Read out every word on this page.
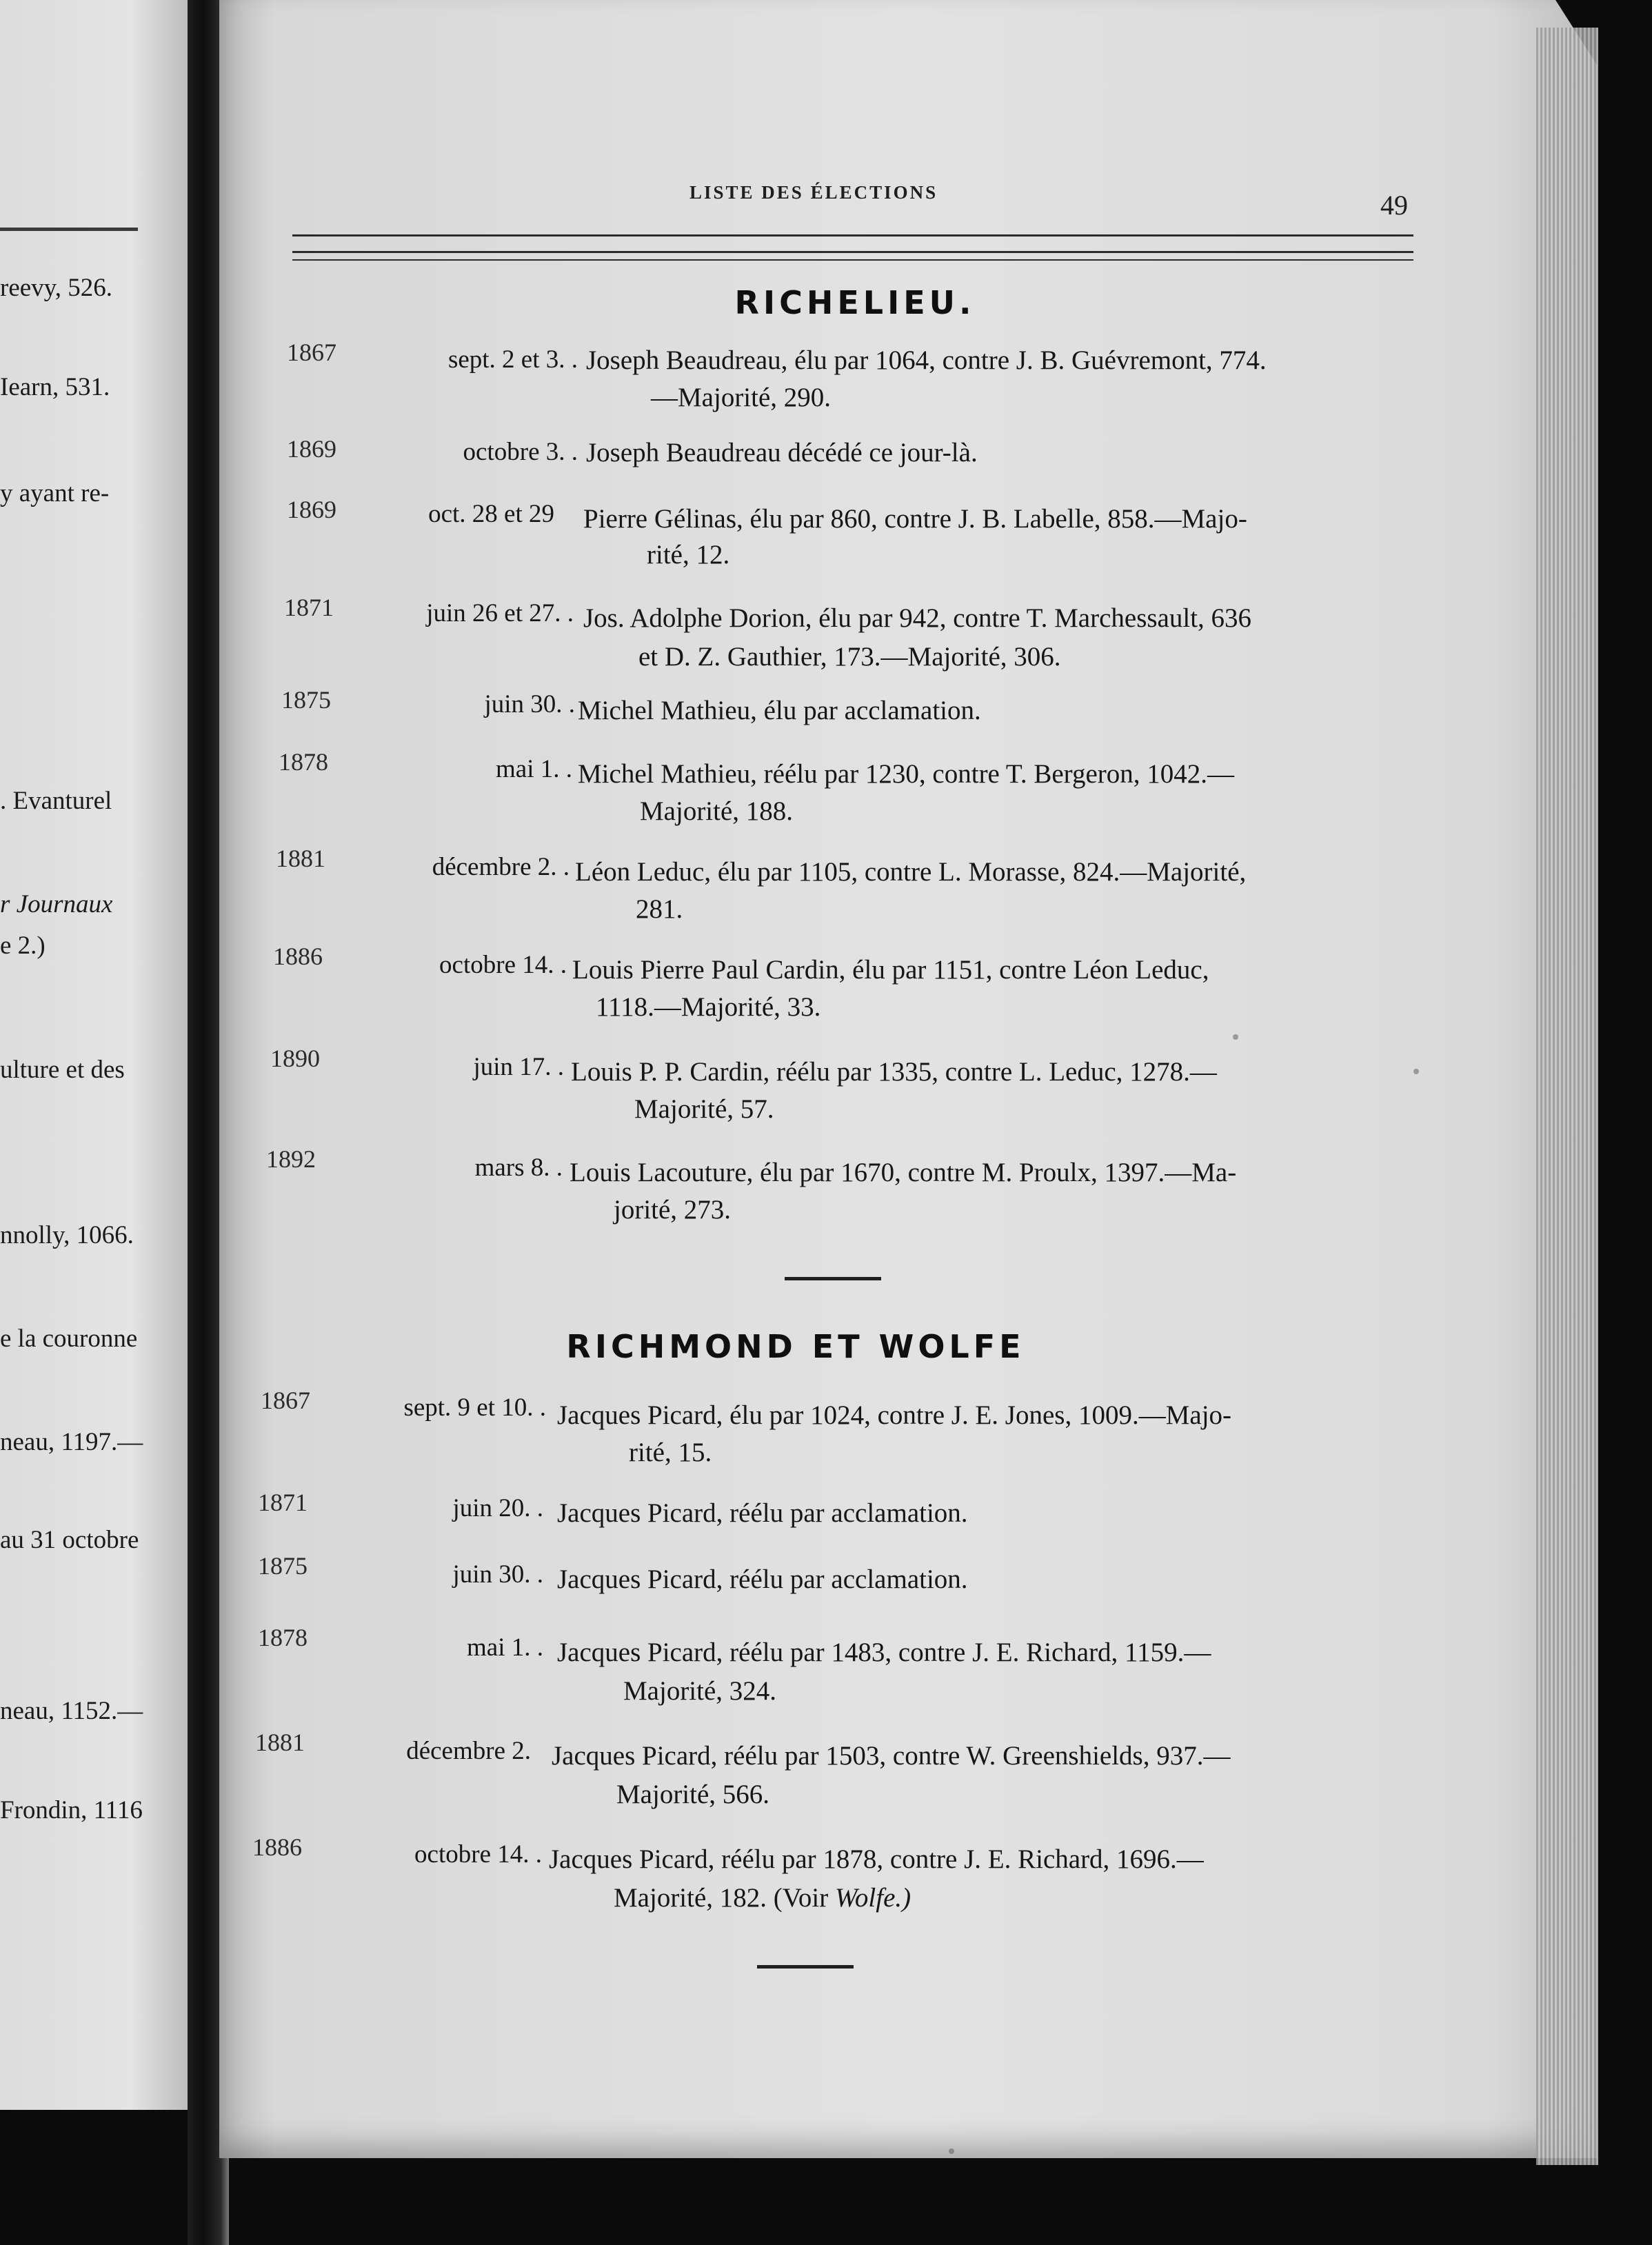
reevy, 526.
Iearn, 531.
y ayant re-
. Evanturel
r Journaux
e 2.)
ulture et des
nnolly, 1066.
e la couronne
neau, 1197.—
au 31 octobre
neau, 1152.—
Frondin, 1116
LISTE DES ÉLECTIONS	49
RICHELIEU.
1867	sept. 2 et 3. . Joseph Beaudreau, élu par 1064, contre J. B. Guévremont, 774.
—Majorité, 290.
1869	octobre 3. . Joseph Beaudreau décédé ce jour-là.
1869	oct. 28 et 29 Pierre Gélinas, élu par 860, contre J. B. Labelle, 858.—Majo-
rité, 12.
1871	juin 26 et 27. . Jos. Adolphe Dorion, élu par 942, contre T. Marchessault, 636
et D. Z. Gauthier, 173.—Majorité, 306.
1875	juin 30. . Michel Mathieu, élu par acclamation.
1878	mai 1. . Michel Mathieu, réélu par 1230, contre T. Bergeron, 1042.—
Majorité, 188.
1881	décembre 2. . Léon Leduc, élu par 1105, contre L. Morasse, 824.—Majorité,
281.
1886	octobre 14. . Louis Pierre Paul Cardin, élu par 1151, contre Léon Leduc,
1118.—Majorité, 33.
1890	juin 17. . Louis P. P. Cardin, réélu par 1335, contre L. Leduc, 1278.—
Majorité, 57.
1892	mars 8. . Louis Lacouture, élu par 1670, contre M. Proulx, 1397.—Ma-
jorité, 273.
RICHMOND ET WOLFE
1867	sept. 9 et 10. . Jacques Picard, élu par 1024, contre J. E. Jones, 1009.—Majo-
rité, 15.
1871	juin 20. . Jacques Picard, réélu par acclamation.
1875	juin 30. . Jacques Picard, réélu par acclamation.
1878	mai 1. . Jacques Picard, réélu par 1483, contre J. E. Richard, 1159.—
Majorité, 324.
1881	décembre 2. Jacques Picard, réélu par 1503, contre W. Greenshields, 937.—
Majorité, 566.
1886	octobre 14. . Jacques Picard, réélu par 1878, contre J. E. Richard, 1696.—
Majorité, 182. (Voir Wolfe.)
